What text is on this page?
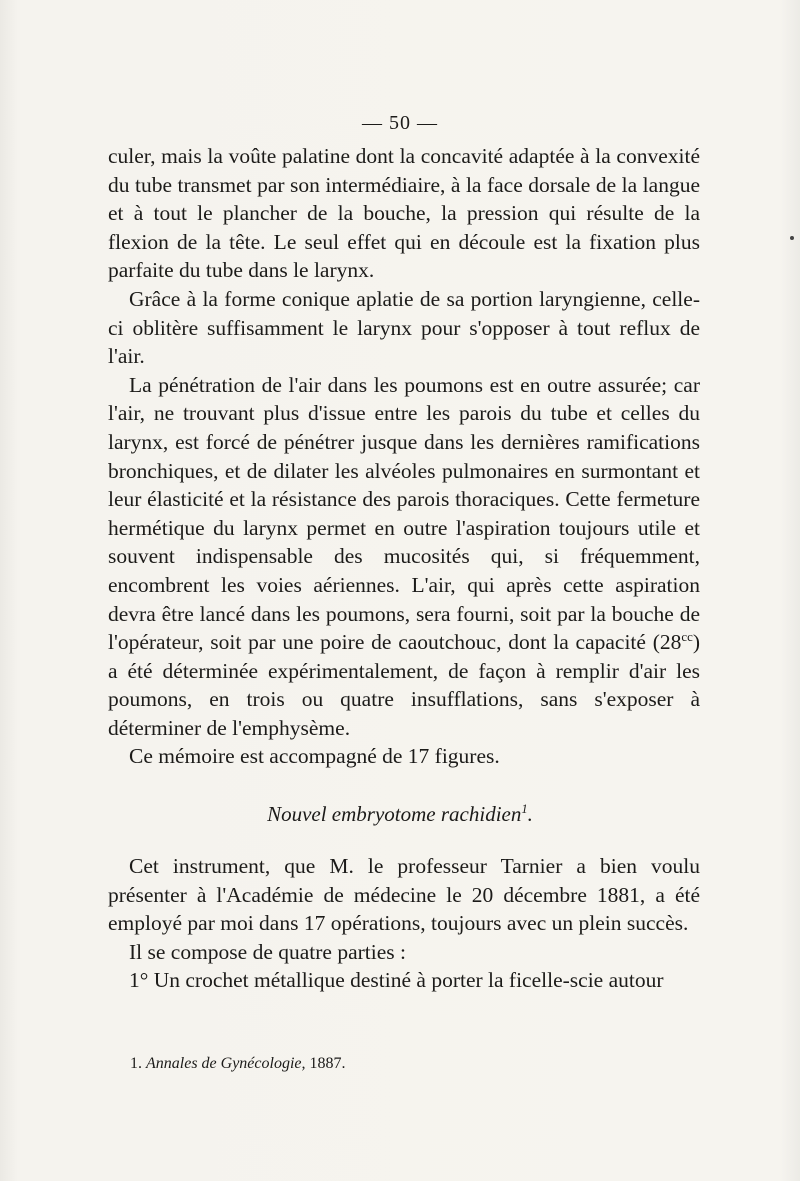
— 50 —

culer, mais la voûte palatine dont la concavité adaptée à la convexité du tube transmet par son intermédiaire, à la face dorsale de la langue et à tout le plancher de la bouche, la pression qui résulte de la flexion de la tête. Le seul effet qui en découle est la fixation plus parfaite du tube dans le larynx.

Grâce à la forme conique aplatie de sa portion laryngienne, celle-ci oblitère suffisamment le larynx pour s'opposer à tout reflux de l'air.

La pénétration de l'air dans les poumons est en outre assurée; car l'air, ne trouvant plus d'issue entre les parois du tube et celles du larynx, est forcé de pénétrer jusque dans les dernières ramifications bronchiques, et de dilater les alvéoles pulmonaires en surmontant et leur élasticité et la résistance des parois thoraciques. Cette fermeture hermétique du larynx permet en outre l'aspiration toujours utile et souvent indispensable des mucosités qui, si fréquemment, encombrent les voies aériennes. L'air, qui après cette aspiration devra être lancé dans les poumons, sera fourni, soit par la bouche de l'opérateur, soit par une poire de caoutchouc, dont la capacité $(28^{cc})$ a été déterminée expérimentalement, de façon à remplir d'air les poumons, en trois ou quatre insufflations, sans s'exposer à déterminer de l'emphysème.

Ce mémoire est accompagné de 17 figures.

Nouvel embryotome rachidien$^1$.

Cet instrument, que M. le professeur Tarnier a bien voulu présenter à l'Académie de médecine le 20 décembre 1881, a été employé par moi dans 17 opérations, toujours avec un plein succès.

Il se compose de quatre parties :

1° Un crochet métallique destiné à porter la ficelle-scie autour

1. Annales de Gynécologie, 1887.
